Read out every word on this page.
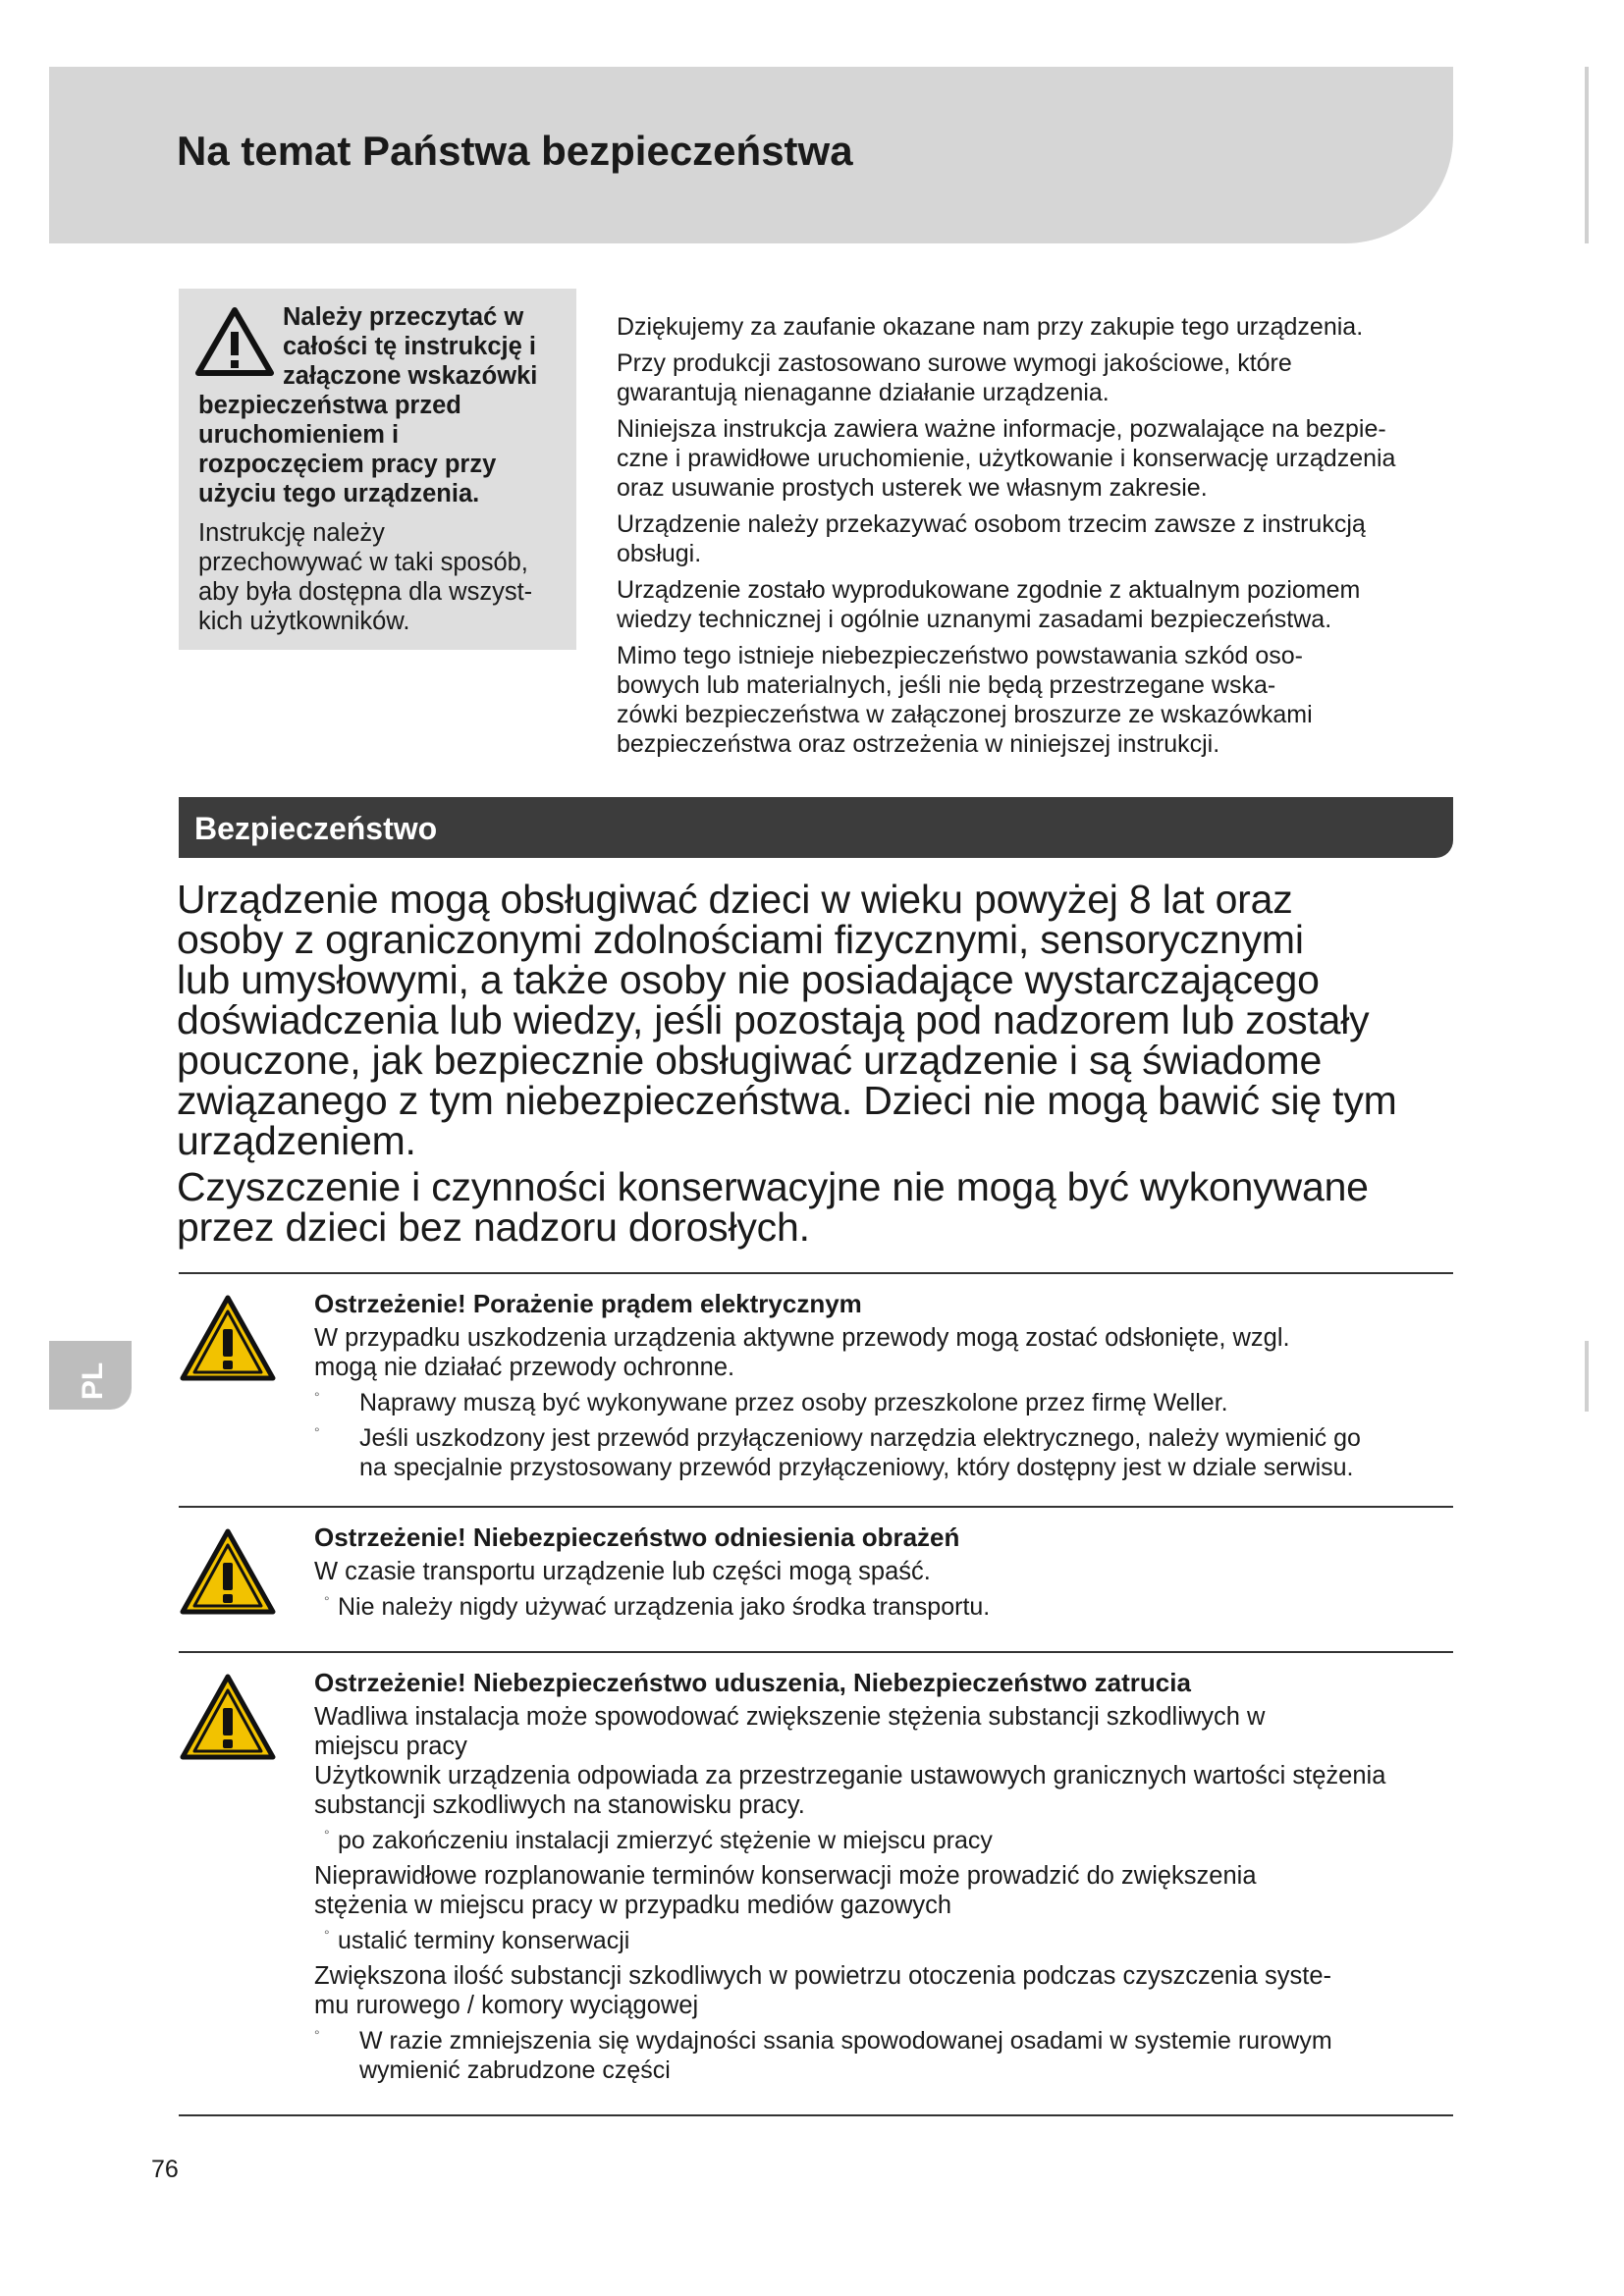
Na temat Państwa bezpieczeństwa
Należy przeczytać w
całości tę instrukcję i
załączone wskazówki
bezpieczeństwa przed
uruchomieniem i
rozpoczęciem pracy przy
użyciu tego urządzenia.
Instrukcję należy
przechowywać w taki sposób,
aby była dostępna dla wszyst-
kich użytkowników.

Dziękujemy za zaufanie okazane nam przy zakupie tego urządzenia.

Przy produkcji zastosowano surowe wymogi jakościowe, które
gwarantują nienaganne działanie urządzenia.

Niniejsza instrukcja zawiera ważne informacje, pozwalające na bezpie-
czne i prawidłowe uruchomienie, użytkowanie i konserwację urządzenia
oraz usuwanie prostych usterek we własnym zakresie.

Urządzenie należy przekazywać osobom trzecim zawsze z instrukcją
obsługi.

Urządzenie zostało wyprodukowane zgodnie z aktualnym poziomem
wiedzy technicznej i ogólnie uznanymi zasadami bezpieczeństwa.

Mimo tego istnieje niebezpieczeństwo powstawania szkód oso-
bowych lub materialnych, jeśli nie będą przestrzegane wska-
zówki bezpieczeństwa w załączonej broszurze ze wskazówkami
bezpieczeństwa oraz ostrzeżenia w niniejszej instrukcji.

Bezpieczeństwo

Urządzenie mogą obsługiwać dzieci w wieku powyżej 8 lat oraz
osoby z ograniczonymi zdolnościami fizycznymi, sensorycznymi
lub umysłowymi, a także osoby nie posiadające wystarczającego
doświadczenia lub wiedzy, jeśli pozostają pod nadzorem lub zostały
pouczone, jak bezpiecznie obsługiwać urządzenie i są świadome
związanego z tym niebezpieczeństwa. Dzieci nie mogą bawić się tym
urządzeniem.

Czyszczenie i czynności konserwacyjne nie mogą być wykonywane
przez dzieci bez nadzoru dorosłych.

Ostrzeżenie! Porażenie prądem elektrycznym

W przypadku uszkodzenia urządzenia aktywne przewody mogą zostać odsłonięte, wzgl.
mogą nie działać przewody ochronne.

° Naprawy muszą być wykonywane przez osoby przeszkolone przez firmę Weller.
° Jeśli uszkodzony jest przewód przyłączeniowy narzędzia elektrycznego, należy wymienić go
na specjalnie przystosowany przewód przyłączeniowy, który dostępny jest w dziale serwisu.

Ostrzeżenie! Niebezpieczeństwo odniesienia obrażeń

W czasie transportu urządzenie lub części mogą spaść.

° Nie należy nigdy używać urządzenia jako środka transportu.

Ostrzeżenie! Niebezpieczeństwo uduszenia, Niebezpieczeństwo zatrucia

Wadliwa instalacja może spowodować zwiększenie stężenia substancji szkodliwych w
miejscu pracy
Użytkownik urządzenia odpowiada za przestrzeganie ustawowych granicznych wartości stężenia
substancji szkodliwych na stanowisku pracy.

° po zakończeniu instalacji zmierzyć stężenie w miejscu pracy

Nieprawidłowe rozplanowanie terminów konserwacji może prowadzić do zwiększenia
stężenia w miejscu pracy w przypadku mediów gazowych

° ustalić terminy konserwacji

Zwiększona ilość substancji szkodliwych w powietrzu otoczenia podczas czyszczenia syste-
mu rurowego / komory wyciągowej

° W razie zmniejszenia się wydajności ssania spowodowanej osadami w systemie rurowym
wymienić zabrudzone części
PL
76
